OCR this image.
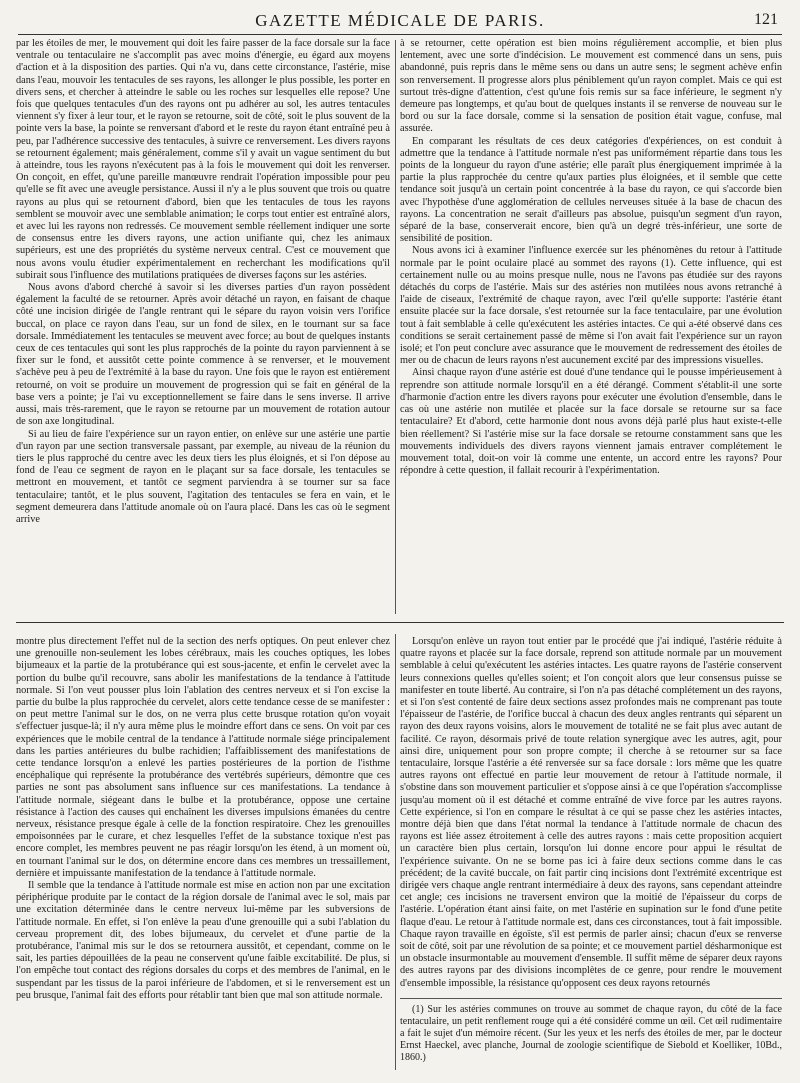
GAZETTE MÉDICALE DE PARIS.	121

par les étoiles de mer, le mouvement qui doit les faire passer de la face dorsale sur la face ventrale ou tentaculaire ne s'accomplit pas avec moins d'énergie, eu égard aux moyens d'action et à la disposition des parties. Qui n'a vu, dans cette circonstance, l'astérie, mise dans l'eau, mouvoir les tentacules de ses rayons, les allonger le plus possible, les porter en divers sens, et chercher à atteindre le sable ou les roches sur lesquelles elle repose? Une fois que quelques tentacules d'un des rayons ont pu adhérer au sol, les autres tentacules viennent s'y fixer à leur tour, et le rayon se retourne, soit de côté, soit le plus souvent de la pointe vers la base, la pointe se renversant d'abord et le reste du rayon étant entraîné peu à peu, par l'adhérence successive des tentacules, à suivre ce renversement. Les divers rayons se retournent également; mais généralement, comme s'il y avait un vague sentiment du but à atteindre, tous les rayons n'exécutent pas à la fois le mouvement qui doit les renverser. On conçoit, en effet, qu'une pareille manœuvre rendrait l'opération impossible pour peu qu'elle se fît avec une aveugle persistance. Aussi il n'y a le plus souvent que trois ou quatre rayons au plus qui se retournent d'abord, bien que les tentacules de tous les rayons semblent se mouvoir avec une semblable animation; le corps tout entier est entraîné alors, et avec lui les rayons non redressés. Ce mouvement semble réellement indiquer une sorte de consensus entre les divers rayons, une action unifiante qui, chez les animaux supérieurs, est une des propriétés du système nerveux central. C'est ce mouvement que nous avons voulu étudier expérimentalement en recherchant les modifications qu'il subirait sous l'influence des mutilations pratiquées de diverses façons sur les astéries.

Nous avons d'abord cherché à savoir si les diverses parties d'un rayon possèdent également la faculté de se retourner. Après avoir détaché un rayon, en faisant de chaque côté une incision dirigée de l'angle rentrant qui le sépare du rayon voisin vers l'orifice buccal, on place ce rayon dans l'eau, sur un fond de silex, en le tournant sur sa face dorsale. Immédiatement les tentacules se meuvent avec force; au bout de quelques instants ceux de ces tentacules qui sont les plus rapprochés de la pointe du rayon parviennent à se fixer sur le fond, et aussitôt cette pointe commence à se renverser, et le mouvement s'achève peu à peu de l'extrémité à la base du rayon. Une fois que le rayon est entièrement retourné, on voit se produire un mouvement de progression qui se fait en général de la base vers a pointe; je l'ai vu exceptionnellement se faire dans le sens inverse. Il arrive aussi, mais très-rarement, que le rayon se retourne par un mouvement de rotation autour de son axe longitudinal.

Si au lieu de faire l'expérience sur un rayon entier, on enlève sur une astérie une partie d'un rayon par une section transversale passant, par exemple, au niveau de la réunion du tiers le plus rapproché du centre avec les deux tiers les plus éloignés, et si l'on dépose au fond de l'eau ce segment de rayon en le plaçant sur sa face dorsale, les tentacules se mettront en mouvement, et tantôt ce segment parviendra à se tourner sur sa face tentaculaire; tantôt, et le plus souvent, l'agitation des tentacules se fera en vain, et le segment demeurera dans l'attitude anomale où on l'aura placé. Dans les cas où le segment arrive

à se retourner, cette opération est bien moins régulièrement accomplie, et bien plus lentement, avec une sorte d'indécision. Le mouvement est commencé dans un sens, puis abandonné, puis repris dans le même sens ou dans un autre sens; le segment achève enfin son renversement. Il progresse alors plus péniblement qu'un rayon complet. Mais ce qui est surtout très-digne d'attention, c'est qu'une fois remis sur sa face inférieure, le segment n'y demeure pas longtemps, et qu'au bout de quelques instants il se renverse de nouveau sur le bord ou sur la face dorsale, comme si la sensation de position était vague, confuse, mal assurée.

En comparant les résultats de ces deux catégories d'expériences, on est conduit à admettre que la tendance à l'attitude normale n'est pas uniformément répartie dans tous les points de la longueur du rayon d'une astérie; elle paraît plus énergiquement imprimée à la partie la plus rapprochée du centre qu'aux parties plus éloignées, et il semble que cette tendance soit jusqu'à un certain point concentrée à la base du rayon, ce qui s'accorde bien avec l'hypothèse d'une agglomération de cellules nerveuses située à la base de chacun des rayons. La concentration ne serait d'ailleurs pas absolue, puisqu'un segment d'un rayon, séparé de la base, conserverait encore, bien qu'à un degré très-inférieur, une sorte de sensibilité de position.

Nous avons ici à examiner l'influence exercée sur les phénomènes du retour à l'attitude normale par le point oculaire placé au sommet des rayons (1). Cette influence, qui est certainement nulle ou au moins presque nulle, nous ne l'avons pas étudiée sur des rayons détachés du corps de l'astérie. Mais sur des astéries non mutilées nous avons retranché à l'aide de ciseaux, l'extrémité de chaque rayon, avec l'œil qu'elle supporte: l'astérie étant ensuite placée sur la face dorsale, s'est retournée sur la face tentaculaire, par une évolution tout à fait semblable à celle qu'exécutent les astéries intactes. Ce qui a-été observé dans ces conditions se serait certainement passé de même si l'on avait fait l'expérience sur un rayon isolé; et l'on peut conclure avec assurance que le mouvement de redressement des étoiles de mer ou de chacun de leurs rayons n'est aucunement excité par des impressions visuelles.

Ainsi chaque rayon d'une astérie est doué d'une tendance qui le pousse impérieusement à reprendre son attitude normale lorsqu'il en a été dérangé. Comment s'établit-il une sorte d'harmonie d'action entre les divers rayons pour exécuter une évolution d'ensemble, dans le cas où une astérie non mutilée et placée sur la face dorsale se retourne sur sa face tentaculaire? Et d'abord, cette harmonie dont nous avons déjà parlé plus haut existe-t-elle bien réellement? Si l'astérie mise sur la face dorsale se retourne constamment sans que les mouvements individuels des divers rayons viennent jamais entraver complétement le mouvement total, doit-on voir là comme une entente, un accord entre les rayons? Pour répondre à cette question, il fallait recourir à l'expérimentation.

montre plus directement l'effet nul de la section des nerfs optiques. On peut enlever chez une grenouille non-seulement les lobes cérébraux, mais les couches optiques, les lobes bijumeaux et la partie de la protubérance qui est sous-jacente, et enfin le cervelet avec la portion du bulbe qu'il recouvre, sans abolir les manifestations de la tendance à l'attitude normale. Si l'on veut pousser plus loin l'ablation des centres nerveux et si l'on excise la partie du bulbe la plus rapprochée du cervelet, alors cette tendance cesse de se manifester : on peut mettre l'animal sur le dos, on ne verra plus cette brusque rotation qu'on voyait s'effectuer jusque-là; il n'y aura même plus le moindre effort dans ce sens. On voit par ces expériences que le mobile central de la tendance à l'attitude normale siége principalement dans les parties antérieures du bulbe rachidien; l'affaiblissement des manifestations de cette tendance lorsqu'on a enlevé les parties postérieures de la portion de l'isthme encéphalique qui représente la protubérance des vertébrés supérieurs, démontre que ces parties ne sont pas absolument sans influence sur ces manifestations. La tendance à l'attitude normale, siégeant dans le bulbe et la protubérance, oppose une certaine résistance à l'action des causes qui enchaînent les diverses impulsions émanées du centre nerveux, résistance presque égale à celle de la fonction respiratoire. Chez les grenouilles empoisonnées par le curare, et chez lesquelles l'effet de la substance toxique n'est pas encore complet, les membres peuvent ne pas réagir lorsqu'on les étend, à un moment où, en tournant l'animal sur le dos, on détermine encore dans ces membres un tressaillement, dernière et impuissante manifestation de la tendance à l'attitude normale.

Il semble que la tendance à l'attitude normale est mise en action non par une excitation périphérique produite par le contact de la région dorsale de l'animal avec le sol, mais par une excitation déterminée dans le centre nerveux lui-même par les subversions de l'attitude normale. En effet, si l'on enlève la peau d'une grenouille qui a subi l'ablation du cerveau proprement dit, des lobes bijumeaux, du cervelet et d'une partie de la protubérance, l'animal mis sur le dos se retournera aussitôt, et cependant, comme on le sait, les parties dépouillées de la peau ne conservent qu'une faible excitabilité. De plus, si l'on empêche tout contact des régions dorsales du corps et des membres de l'animal, en le suspendant par les tissus de la paroi inférieure de l'abdomen, et si le renversement est un peu brusque, l'animal fait des efforts pour rétablir tant bien que mal son attitude normale.

Lorsqu'on enlève un rayon tout entier par le procédé que j'ai indiqué, l'astérie réduite à quatre rayons et placée sur la face dorsale, reprend son attitude normale par un mouvement semblable à celui qu'exécutent les astéries intactes. Les quatre rayons de l'astérie conservent leurs connexions quelles qu'elles soient; et l'on conçoit alors que leur consensus puisse se manifester en toute liberté. Au contraire, si l'on n'a pas détaché complétement un des rayons, et si l'on s'est contenté de faire deux sections assez profondes mais ne comprenant pas toute l'épaisseur de l'astérie, de l'orifice buccal à chacun des deux angles rentrants qui séparent un rayon des deux rayons voisins, alors le mouvement de totalité ne se fait plus avec autant de facilité. Ce rayon, désormais privé de toute relation synergique avec les autres, agit, pour ainsi dire, uniquement pour son propre compte; il cherche à se retourner sur sa face tentaculaire, lorsque l'astérie a été renversée sur sa face dorsale : lors même que les quatre autres rayons ont effectué en partie leur mouvement de retour à l'attitude normale, il s'obstine dans son mouvement particulier et s'oppose ainsi à ce que l'opération s'accomplisse jusqu'au moment où il est détaché et comme entraîné de vive force par les autres rayons. Cette expérience, si l'on en compare le résultat à ce qui se passe chez les astéries intactes, montre déjà bien que dans l'état normal la tendance à l'attitude normale de chacun des rayons est liée assez étroitement à celle des autres rayons : mais cette proposition acquiert un caractère bien plus certain, lorsqu'on lui donne encore pour appui le résultat de l'expérience suivante. On ne se borne pas ici à faire deux sections comme dans le cas précédent; de la cavité buccale, on fait partir cinq incisions dont l'extrémité excentrique est dirigée vers chaque angle rentrant intermédiaire à deux des rayons, sans cependant atteindre cet angle; ces incisions ne traversent environ que la moitié de l'épaisseur du corps de l'astérie. L'opération étant ainsi faite, on met l'astérie en supination sur le fond d'une petite flaque d'eau. Le retour à l'attitude normale est, dans ces circonstances, tout à fait impossible. Chaque rayon travaille en égoïste, s'il est permis de parler ainsi; chacun d'eux se renverse soit de côté, soit par une révolution de sa pointe; et ce mouvement partiel désharmonique est un obstacle insurmontable au mouvement d'ensemble. Il suffit même de séparer deux rayons des autres rayons par des divisions incomplètes de ce genre, pour rendre le mouvement d'ensemble impossible, la résistance qu'opposent ces deux rayons retournés

(1) Sur les astéries communes on trouve au sommet de chaque rayon, du côté de la face tentaculaire, un petit renflement rouge qui a été considéré comme un œil. Cet œil rudimentaire a fait le sujet d'un mémoire récent. (Sur les yeux et les nerfs des étoiles de mer, par le docteur Ernst Haeckel, avec planche, Journal de zoologie scientifique de Siebold et Koelliker, 10Bd., 1860.)
